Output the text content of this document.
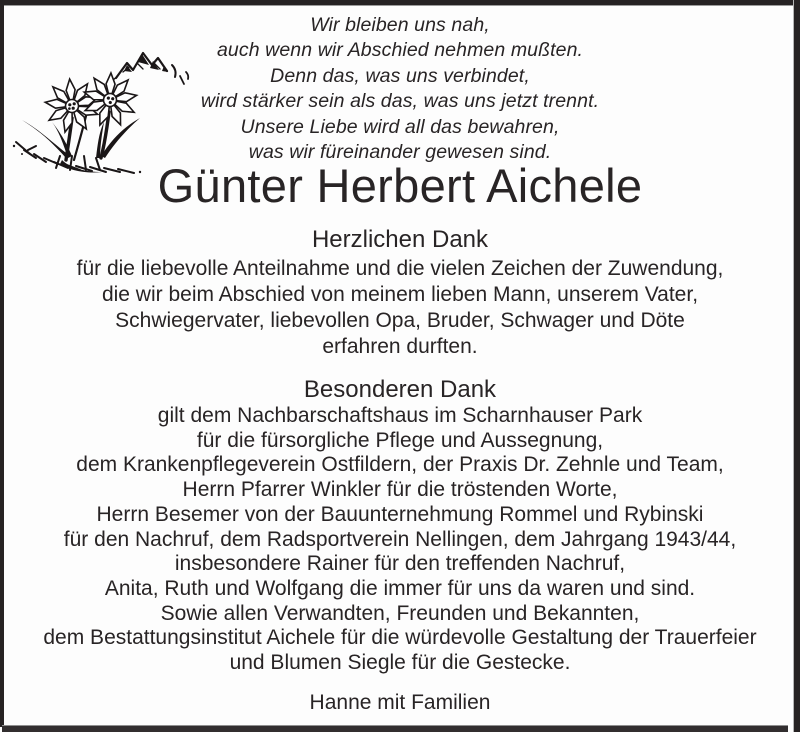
Wir bleiben uns nah,
auch wenn wir Abschied nehmen mußten.
Denn das, was uns verbindet,
wird stärker sein als das, was uns jetzt trennt.
Unsere Liebe wird all das bewahren,
was wir füreinander gewesen sind.
Günter Herbert Aichele
Herzlichen Dank
für die liebevolle Anteilnahme und die vielen Zeichen der Zuwendung,
die wir beim Abschied von meinem lieben Mann, unserem Vater,
Schwiegervater, liebevollen Opa, Bruder, Schwager und Döte
erfahren durften.
Besonderen Dank
gilt dem Nachbarschaftshaus im Scharnhauser Park
für die fürsorgliche Pflege und Aussegnung,
dem Krankenpflegeverein Ostfildern, der Praxis Dr. Zehnle und Team,
Herrn Pfarrer Winkler für die tröstenden Worte,
Herrn Besemer von der Bauunternehmung Rommel und Rybinski
für den Nachruf, dem Radsportverein Nellingen, dem Jahrgang 1943/44,
insbesondere Rainer für den treffenden Nachruf,
Anita, Ruth und Wolfgang die immer für uns da waren und sind.
Sowie allen Verwandten, Freunden und Bekannten,
dem Bestattungsinstitut Aichele für die würdevolle Gestaltung der Trauerfeier
und Blumen Siegle für die Gestecke.
Hanne mit Familien
